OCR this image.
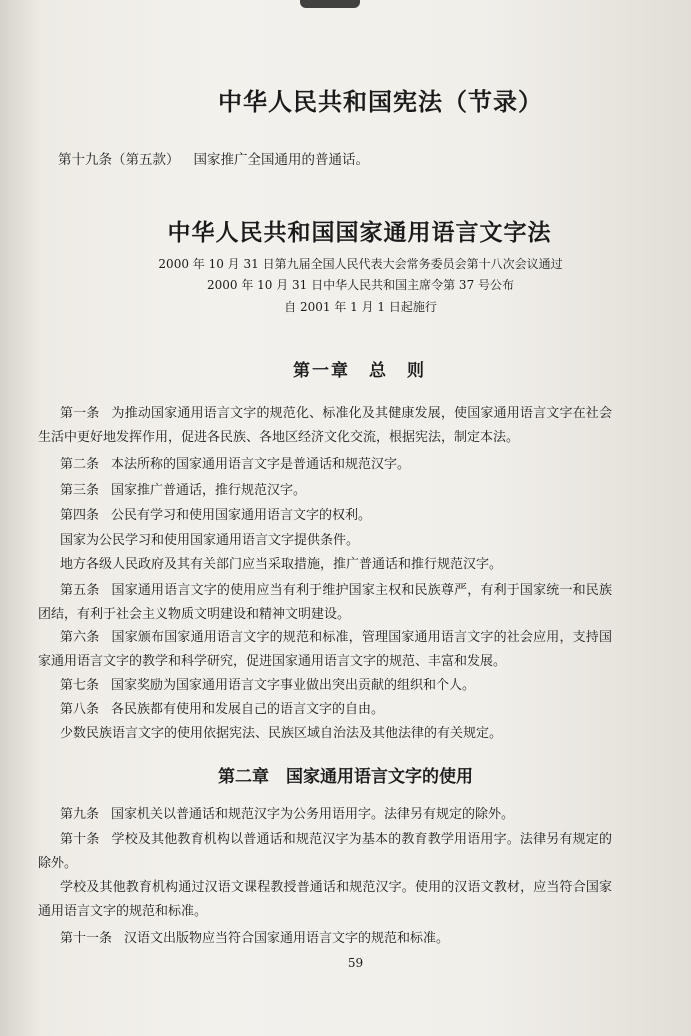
中华人民共和国宪法（节录）
第十九条（第五款） 国家推广全国通用的普通话。
中华人民共和国国家通用语言文字法
2000 年 10 月 31 日第九届全国人民代表大会常务委员会第十八次会议通过
2000 年 10 月 31 日中华人民共和国主席令第 37 号公布
自 2001 年 1 月 1 日起施行
第一章　总　则
第一条 为推动国家通用语言文字的规范化、标准化及其健康发展，使国家通用语言文字在社会生活中更好地发挥作用，促进各民族、各地区经济文化交流，根据宪法，制定本法。
第二条 本法所称的国家通用语言文字是普通话和规范汉字。
第三条 国家推广普通话，推行规范汉字。
第四条 公民有学习和使用国家通用语言文字的权利。
国家为公民学习和使用国家通用语言文字提供条件。
地方各级人民政府及其有关部门应当采取措施，推广普通话和推行规范汉字。
第五条 国家通用语言文字的使用应当有利于维护国家主权和民族尊严，有利于国家统一和民族团结，有利于社会主义物质文明建设和精神文明建设。
第六条 国家颁布国家通用语言文字的规范和标准，管理国家通用语言文字的社会应用，支持国家通用语言文字的教学和科学研究，促进国家通用语言文字的规范、丰富和发展。
第七条 国家奖励为国家通用语言文字事业做出突出贡献的组织和个人。
第八条 各民族都有使用和发展自己的语言文字的自由。
少数民族语言文字的使用依据宪法、民族区域自治法及其他法律的有关规定。
第二章　国家通用语言文字的使用
第九条 国家机关以普通话和规范汉字为公务用语用字。法律另有规定的除外。
第十条 学校及其他教育机构以普通话和规范汉字为基本的教育教学用语用字。法律另有规定的除外。
学校及其他教育机构通过汉语文课程教授普通话和规范汉字。使用的汉语文教材，应当符合国家通用语言文字的规范和标准。
第十一条 汉语文出版物应当符合国家通用语言文字的规范和标准。
59
